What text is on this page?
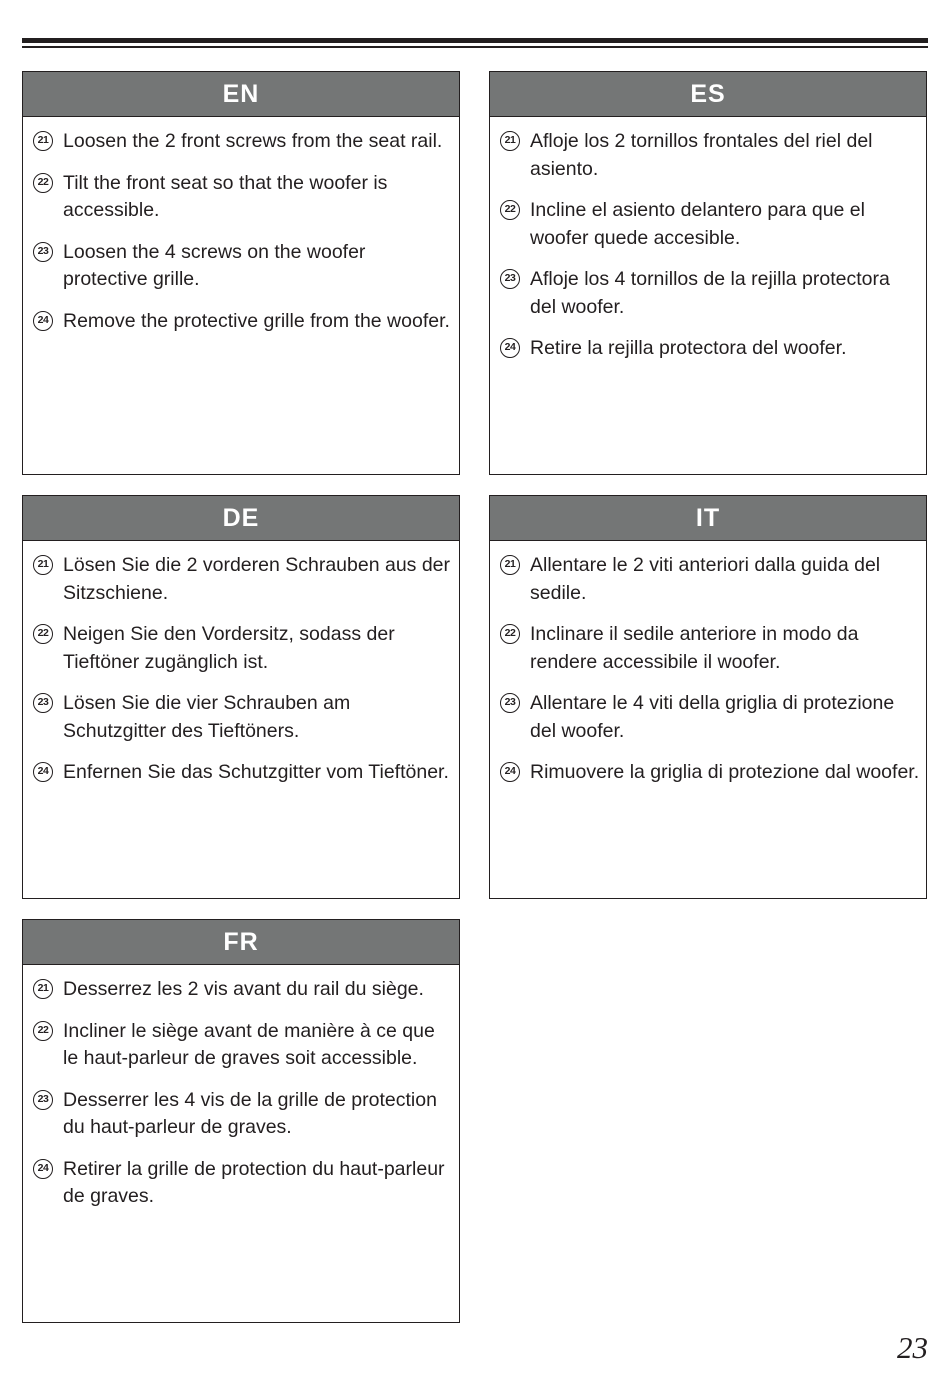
EN
21 Loosen the 2 front screws from the seat rail.
22 Tilt the front seat so that the woofer is accessible.
23 Loosen the 4 screws on the woofer protective grille.
24 Remove the protective grille from the woofer.
ES
21 Afloje los 2 tornillos frontales del riel del asiento.
22 Incline el asiento delantero para que el woofer quede accesible.
23 Afloje los 4 tornillos de la rejilla protectora del woofer.
24 Retire la rejilla protectora del woofer.
DE
21 Lösen Sie die 2 vorderen Schrauben aus der Sitzschiene.
22 Neigen Sie den Vordersitz, sodass der Tieftöner zugänglich ist.
23 Lösen Sie die vier Schrauben am Schutzgitter des Tieftöners.
24 Enfernen Sie das Schutzgitter vom Tieftöner.
IT
21 Allentare le 2 viti anteriori dalla guida del sedile.
22 Inclinare il sedile anteriore in modo da rendere accessibile il woofer.
23 Allentare le 4 viti della griglia di protezione del woofer.
24 Rimuovere la griglia di protezione dal woofer.
FR
21 Desserrez les 2 vis avant du rail du siège.
22 Incliner le siège avant de manière à ce que le haut-parleur de graves soit accessible.
23 Desserrer les 4 vis de la grille de protection du haut-parleur de graves.
24 Retirer la grille de protection du haut-parleur de graves.
23
